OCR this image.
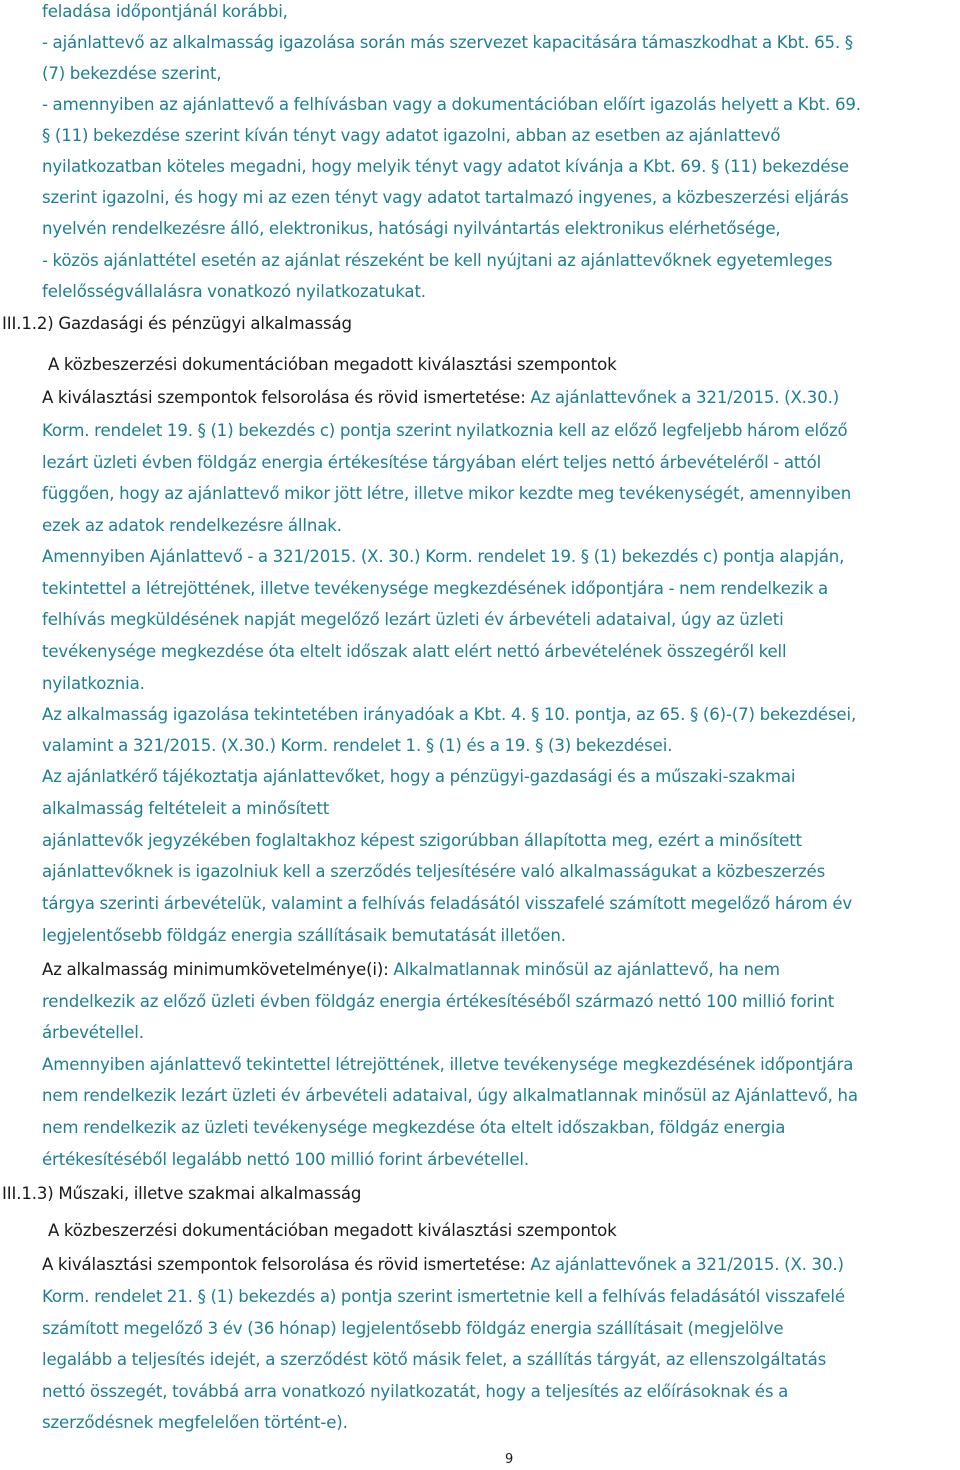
feladása időpontjánál korábbi,
- ajánlattevő az alkalmasság igazolása során más szervezet kapacitására támaszkodhat a Kbt. 65. §
(7) bekezdése szerint,
- amennyiben az ajánlattevő a felhívásban vagy a dokumentációban előírt igazolás helyett a Kbt. 69.
§ (11) bekezdése szerint kíván tényt vagy adatot igazolni, abban az esetben az ajánlattevő
nyilatkozatban köteles megadni, hogy melyik tényt vagy adatot kívánja a Kbt. 69. § (11) bekezdése
szerint igazolni, és hogy mi az ezen tényt vagy adatot tartalmazó ingyenes, a közbeszerzési eljárás
nyelvén rendelkezésre álló, elektronikus, hatósági nyilvántartás elektronikus elérhetősége,
- közös ajánlattétel esetén az ajánlat részeként be kell nyújtani az ajánlattevőknek egyetemleges
felelősségvállalásra vonatkozó nyilatkozatukat.
III.1.2) Gazdasági és pénzügyi alkalmasság
A közbeszerzési dokumentációban megadott kiválasztási szempontok
A kiválasztási szempontok felsorolása és rövid ismertetése: Az ajánlattevőnek a 321/2015. (X.30.)
Korm. rendelet 19. § (1) bekezdés c) pontja szerint nyilatkoznia kell az előző legfeljebb három előző
lezárt üzleti évben földgáz energia értékesítése tárgyában elért teljes nettó árbevételéről - attól
függően, hogy az ajánlattevő mikor jött létre, illetve mikor kezdte meg tevékenységét, amennyiben
ezek az adatok rendelkezésre állnak.
Amennyiben Ajánlattevő - a 321/2015. (X. 30.) Korm. rendelet 19. § (1) bekezdés c) pontja alapján,
tekintettel a létrejöttének, illetve tevékenysége megkezdésének időpontjára - nem rendelkezik a
felhívás megküldésének napját megelőző lezárt üzleti év árbevételi adataival, úgy az üzleti
tevékenysége megkezdése óta eltelt időszak alatt elért nettó árbevételének összegéről kell
nyilatkoznia.
Az alkalmasság igazolása tekintetében irányadóak a Kbt. 4. § 10. pontja, az 65. § (6)-(7) bekezdései,
valamint a 321/2015. (X.30.) Korm. rendelet 1. § (1) és a 19. § (3) bekezdései.
Az ajánlatkérő tájékoztatja ajánlattevőket, hogy a pénzügyi-gazdasági és a műszaki-szakmai
alkalmasság feltételeit a minősített
ajánlattevők jegyzékében foglaltakhoz képest szigorúbban állapította meg, ezért a minősített
ajánlattevőknek is igazolniuk kell a szerződés teljesítésére való alkalmasságukat a közbeszerzés
tárgya szerinti árbevételük, valamint a felhívás feladásától visszafelé számított megelőző három év
legjelentősebb földgáz energia szállításaik bemutatását illetően.
Az alkalmasság minimumkövetelménye(i): Alkalmatlannak minősül az ajánlattevő, ha nem
rendelkezik az előző üzleti évben földgáz energia értékesítéséből származó nettó 100 millió forint
árbevétellel.
Amennyiben ajánlattevő tekintettel létrejöttének, illetve tevékenysége megkezdésének időpontjára
nem rendelkezik lezárt üzleti év árbevételi adataival, úgy alkalmatlannak minősül az Ajánlattevő, ha
nem rendelkezik az üzleti tevékenysége megkezdése óta eltelt időszakban, földgáz energia
értékesítéséből legalább nettó 100 millió forint árbevétellel.
III.1.3) Műszaki, illetve szakmai alkalmasság
A közbeszerzési dokumentációban megadott kiválasztási szempontok
A kiválasztási szempontok felsorolása és rövid ismertetése: Az ajánlattevőnek a 321/2015. (X. 30.)
Korm. rendelet 21. § (1) bekezdés a) pontja szerint ismertetnie kell a felhívás feladásától visszafelé
számított megelőző 3 év (36 hónap) legjelentősebb földgáz energia szállításait (megjelölve
legalább a teljesítés idejét, a szerződést kötő másik felet, a szállítás tárgyát, az ellenszolgáltatás
nettó összegét, továbbá arra vonatkozó nyilatkozatát, hogy a teljesítés az előírásoknak és a
szerződésnek megfelelően történt-e).
9
